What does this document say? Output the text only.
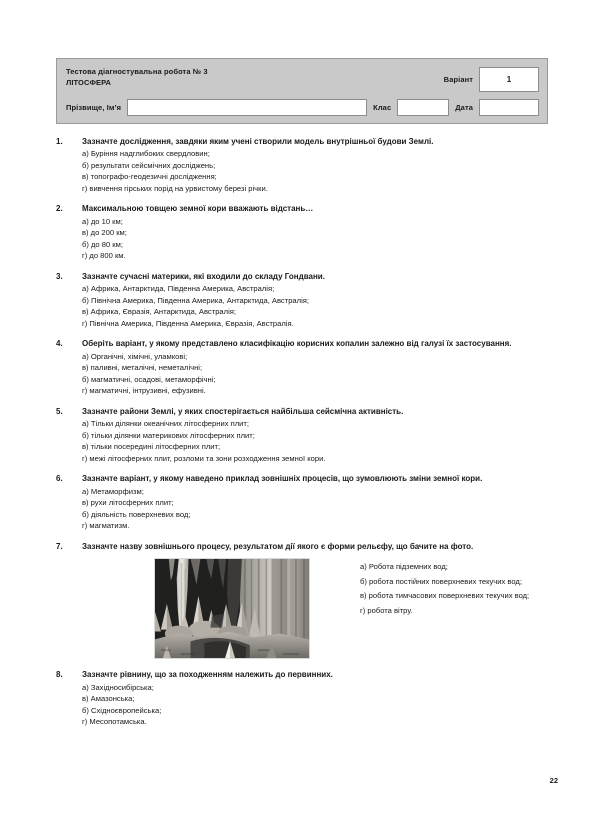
Тестова діагностувальна робота № 3
ЛІТОСФЕРА	Варіант	1
Прізвище, Ім’я	Клас	Дата
1.	Зазначте дослідження, завдяки яким учені створили модель внутрішньої будови Землі.
а) Буріння надглибоких свердловин;
б) результати сейсмічних досліджень;
в) топографо-геодезичні дослідження;
г) вивчення гірських порід на урвистому березі річки.
2.	Максимальною товщею земної кори вважають відстань…
а) до 10 км;
в) до 200 км;
б) до 80 км;
г) до 800 км.
3.	Зазначте сучасні материки, які входили до складу Гондвани.
а) Африка, Антарктида, Південна Америка, Австралія;
б) Північна Америка, Південна Америка, Антарктида, Австралія;
в) Африка, Євразія, Антарктида, Австралія;
г) Північна Америка, Південна Америка, Євразія, Австралія.
4.	Оберіть варіант, у якому представлено класифікацію корисних копалин залежно від галузі їх застосування.
а) Органічні, хімічні, уламкові;
в) паливні, металічні, неметалічні;
б) магматичні, осадові, метаморфічні;
г) магматичні, інтрузивні, ефузивні.
5.	Зазначте райони Землі, у яких спостерігається найбільша сейсмічна активність.
а) Тільки ділянки океанічних літосферних плит;
б) тільки ділянки материкових літосферних плит;
в) тільки посередині літосферних плит;
г) межі літосферних плит, розломи та зони розходження земної кори.
6.	Зазначте варіант, у якому наведено приклад зовнішніх процесів, що зумовлюють зміни земної кори.
а) Метаморфизм;
в) рухи літосферних плит;
б) діяльність поверхневих вод;
г) магматизм.
7.	Зазначте назву зовнішнього процесу, результатом дії якого є форми рельєфу, що бачите на фото.
а) Робота підземних вод;
б) робота постійних поверхневих текучих вод;
в) робота тимчасових поверхневих текучих вод;
г) робота вітру.
8.	Зазначте рівнину, що за походженням належить до первинних.
а) Західносибірська;
в) Амазонська;
б) Східноєвропейська;
г) Месопотамська.
22
